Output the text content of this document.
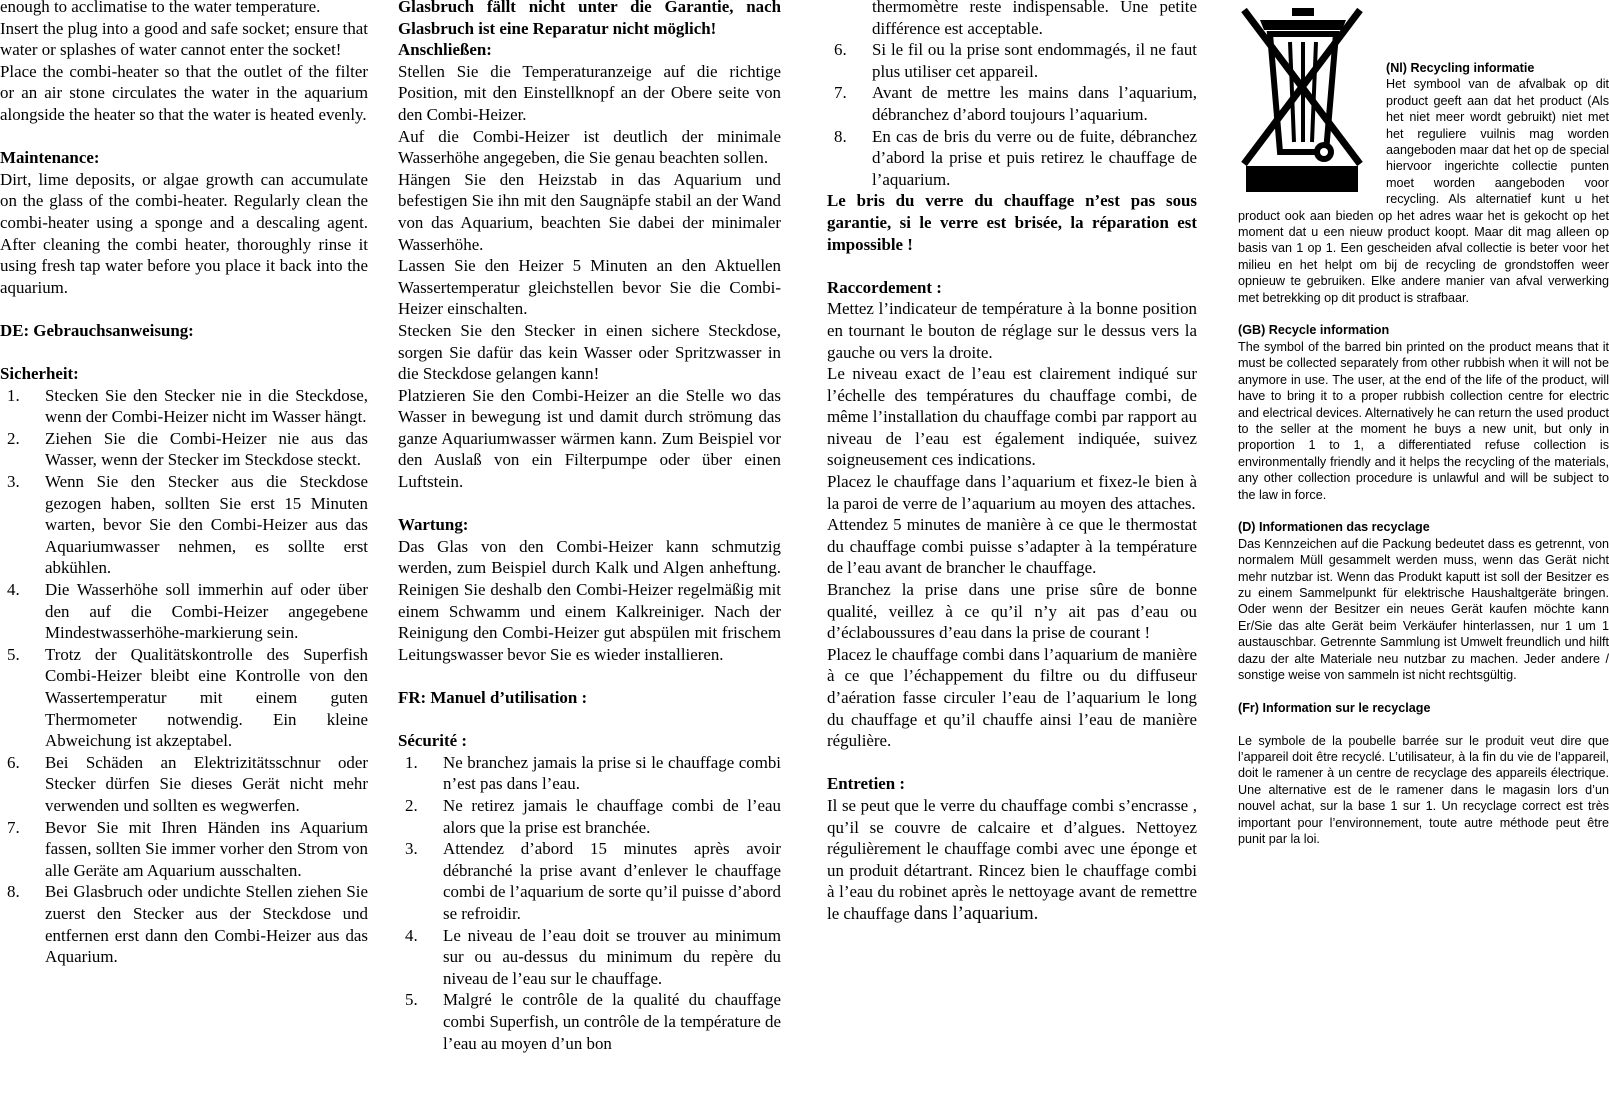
enough to acclimatise to the water temperature.

Insert the plug into a good and safe socket; ensure that water or splashes of water cannot enter the socket!

Place the combi-heater so that the outlet of the filter or an air stone circulates the water in the aquarium alongside the heater so that the water is heated evenly.

Maintenance:

Dirt, lime deposits, or algae growth can accumulate on the glass of the combi-heater. Regularly clean the combi-heater using a sponge and a descaling agent. After cleaning the combi heater, thoroughly rinse it using fresh tap water before you place it back into the aquarium.

DE: Gebrauchsanweisung:

Sicherheit:

1. Stecken Sie den Stecker nie in die Steckdose, wenn der Combi-Heizer nicht im Wasser hängt.
2. Ziehen Sie die Combi-Heizer nie aus das Wasser, wenn der Stecker im Steckdose steckt.
3. Wenn Sie den Stecker aus die Steckdose gezogen haben, sollten Sie erst 15 Minuten warten, bevor Sie den Combi-Heizer aus das Aquariumwasser nehmen, es sollte erst abkühlen.
4. Die Wasserhöhe soll immerhin auf oder über den auf die Combi-Heizer angegebene Mindestwasserhöhe-markierung sein.
5. Trotz der Qualitätskontrolle des Superfish Combi-Heizer bleibt eine Kontrolle von den Wassertemperatur mit einem guten Thermometer notwendig. Ein kleine Abweichung ist akzeptabel.
6. Bei Schäden an Elektrizitätsschnur oder Stecker dürfen Sie dieses Gerät nicht mehr verwenden und sollten es wegwerfen.
7. Bevor Sie mit Ihren Händen ins Aquarium fassen, sollten Sie immer vorher den Strom von alle Geräte am Aquarium ausschalten.
8. Bei Glasbruch oder undichte Stellen ziehen Sie zuerst den Stecker aus der Steckdose und entfernen erst dann den Combi-Heizer aus das Aquarium.

Glasbruch fällt nicht unter die Garantie, nach Glasbruch ist eine Reparatur nicht möglich!

Anschließen:

Stellen Sie die Temperaturanzeige auf die richtige Position, mit den Einstellknopf an der Obere seite von den Combi-Heizer.

Auf die Combi-Heizer ist deutlich der minimale Wasserhöhe angegeben, die Sie genau beachten sollen.

Hängen Sie den Heizstab in das Aquarium und befestigen Sie ihn mit den Saugnäpfe stabil an der Wand von das Aquarium, beachten Sie dabei der minimaler Wasserhöhe.

Lassen Sie den Heizer 5 Minuten an den Aktuellen Wassertemperatur gleichstellen bevor Sie die Combi-Heizer einschalten.

Stecken Sie den Stecker in einen sichere Steckdose, sorgen Sie dafür das kein Wasser oder Spritzwasser in die Steckdose gelangen kann!

Platzieren Sie den Combi-Heizer an die Stelle wo das Wasser in bewegung ist und damit durch strömung das ganze Aquariumwasser wärmen kann. Zum Beispiel vor den Auslaß von ein Filterpumpe oder über einen Luftstein.

Wartung:

Das Glas von den Combi-Heizer kann schmutzig werden, zum Beispiel durch Kalk und Algen anheftung. Reinigen Sie deshalb den Combi-Heizer regelmäßig mit einem Schwamm und einem Kalkreiniger. Nach der Reinigung den Combi-Heizer gut abspülen mit frischem Leitungswasser bevor Sie es wieder installieren.

FR: Manuel d’utilisation :

Sécurité :

1. Ne branchez jamais la prise si le chauffage combi n’est pas dans l’eau.
2. Ne retirez jamais le chauffage combi de l’eau alors que la prise est branchée.
3. Attendez d’abord 15 minutes après avoir débranché la prise avant d’enlever le chauffage combi de l’aquarium de sorte qu’il puisse d’abord se refroidir.
4. Le niveau de l’eau doit se trouver au minimum sur ou au-dessus du minimum du repère du niveau de l’eau sur le chauffage.
5. Malgré le contrôle de la qualité du chauffage combi Superfish, un contrôle de la température de l’eau au moyen d’un bon
thermomètre reste indispensable. Une petite différence est acceptable.
6. Si le fil ou la prise sont endommagés, il ne faut plus utiliser cet appareil.
7. Avant de mettre les mains dans l’aquarium, débranchez d’abord toujours l’aquarium.
8. En cas de bris du verre ou de fuite, débranchez d’abord la prise et puis retirez le chauffage de l’aquarium.

Le bris du verre du chauffage n’est pas sous garantie, si le verre est brisée, la réparation est impossible !

Raccordement :

Mettez l’indicateur de température à la bonne position en tournant le bouton de réglage sur le dessus vers la gauche ou vers la droite.

Le niveau exact de l’eau est clairement indiqué sur l’échelle des températures du chauffage combi, de même l’installation du chauffage combi par rapport au niveau de l’eau est également indiquée, suivez soigneusement ces indications.

Placez le chauffage dans l’aquarium et fixez-le bien à la paroi de verre de l’aquarium au moyen des attaches.

Attendez 5 minutes de manière à ce que le thermostat du chauffage combi puisse s’adapter à la température de l’eau avant de brancher le chauffage.

Branchez la prise dans une prise sûre de bonne qualité, veillez à ce qu’il n’y ait pas d’eau ou d’éclaboussures d’eau dans la prise de courant !

Placez le chauffage combi dans l’aquarium de manière à ce que l’échappement du filtre ou du diffuseur d’aération fasse circuler l’eau de l’aquarium le long du chauffage et qu’il chauffe ainsi l’eau de manière régulière.

Entretien :

Il se peut que le verre du chauffage combi s’encrasse , qu’il se couvre de calcaire et d’algues. Nettoyez régulièrement le chauffage combi avec une éponge et un produit détartrant. Rincez bien le chauffage combi à l’eau du robinet après le nettoyage avant de remettre le chauffage dans l’aquarium.

(Nl) Recycling informatie

Het symbool van de afvalbak op dit product geeft aan dat het product (Als het niet meer wordt gebruikt) niet met het reguliere vuilnis mag worden aangeboden maar dat het op de special hiervoor ingerichte collectie punten moet worden aangeboden voor recycling. Als alternatief kunt u het product ook aan bieden op het adres waar het is gekocht op het moment dat u een nieuw product koopt. Maar dit mag alleen op basis van 1 op 1. Een gescheiden afval collectie is beter voor het milieu en het helpt om bij de recycling de grondstoffen weer opnieuw te gebruiken. Elke andere manier van afval verwerking met betrekking op dit product is strafbaar.

(GB) Recycle information

The symbol of the barred bin printed on the product means that it must be collected separately from other rubbish when it will not be anymore in use. The user, at the end of the life of the product, will have to bring it to a proper rubbish collection centre for electric and electrical devices. Alternatively he can return the used product to the seller at the moment he buys a new unit, but only in proportion 1 to 1, a differentiated refuse collection is environmentally friendly and it helps the recycling of the materials, any other collection procedure is unlawful and will be subject to the law in force.

(D) Informationen das recyclage

Das Kennzeichen auf die Packung bedeutet dass es getrennt, von normalem Müll gesammelt werden muss, wenn das Gerät nicht mehr nutzbar ist. Wenn das Produkt kaputt ist soll der Besitzer es zu einem Sammelpunkt für elektrische Haushaltgeräte bringen. Oder wenn der Besitzer ein neues Gerät kaufen möchte kann Er/Sie das alte Gerät beim Verkäufer hinterlassen, nur 1 um 1 austauschbar. Getrennte Sammlung ist Umwelt freundlich und hilft dazu der alte Materiale neu nutzbar zu machen. Jeder andere / sonstige weise von sammeln ist nicht rechtsgültig.

(Fr) Information sur le recyclage

Le symbole de la poubelle barrée sur le produit veut dire que l’appareil doit être recyclé. L’utilisateur, à la fin du vie de l’appareil, doit le ramener à un centre de recyclage des appareils électrique. Une alternative est de le ramener dans le magasin lors d’un nouvel achat, sur la base 1 sur 1. Un recyclage correct est très important pour l’environnement, toute autre méthode peut être punit par la loi.
